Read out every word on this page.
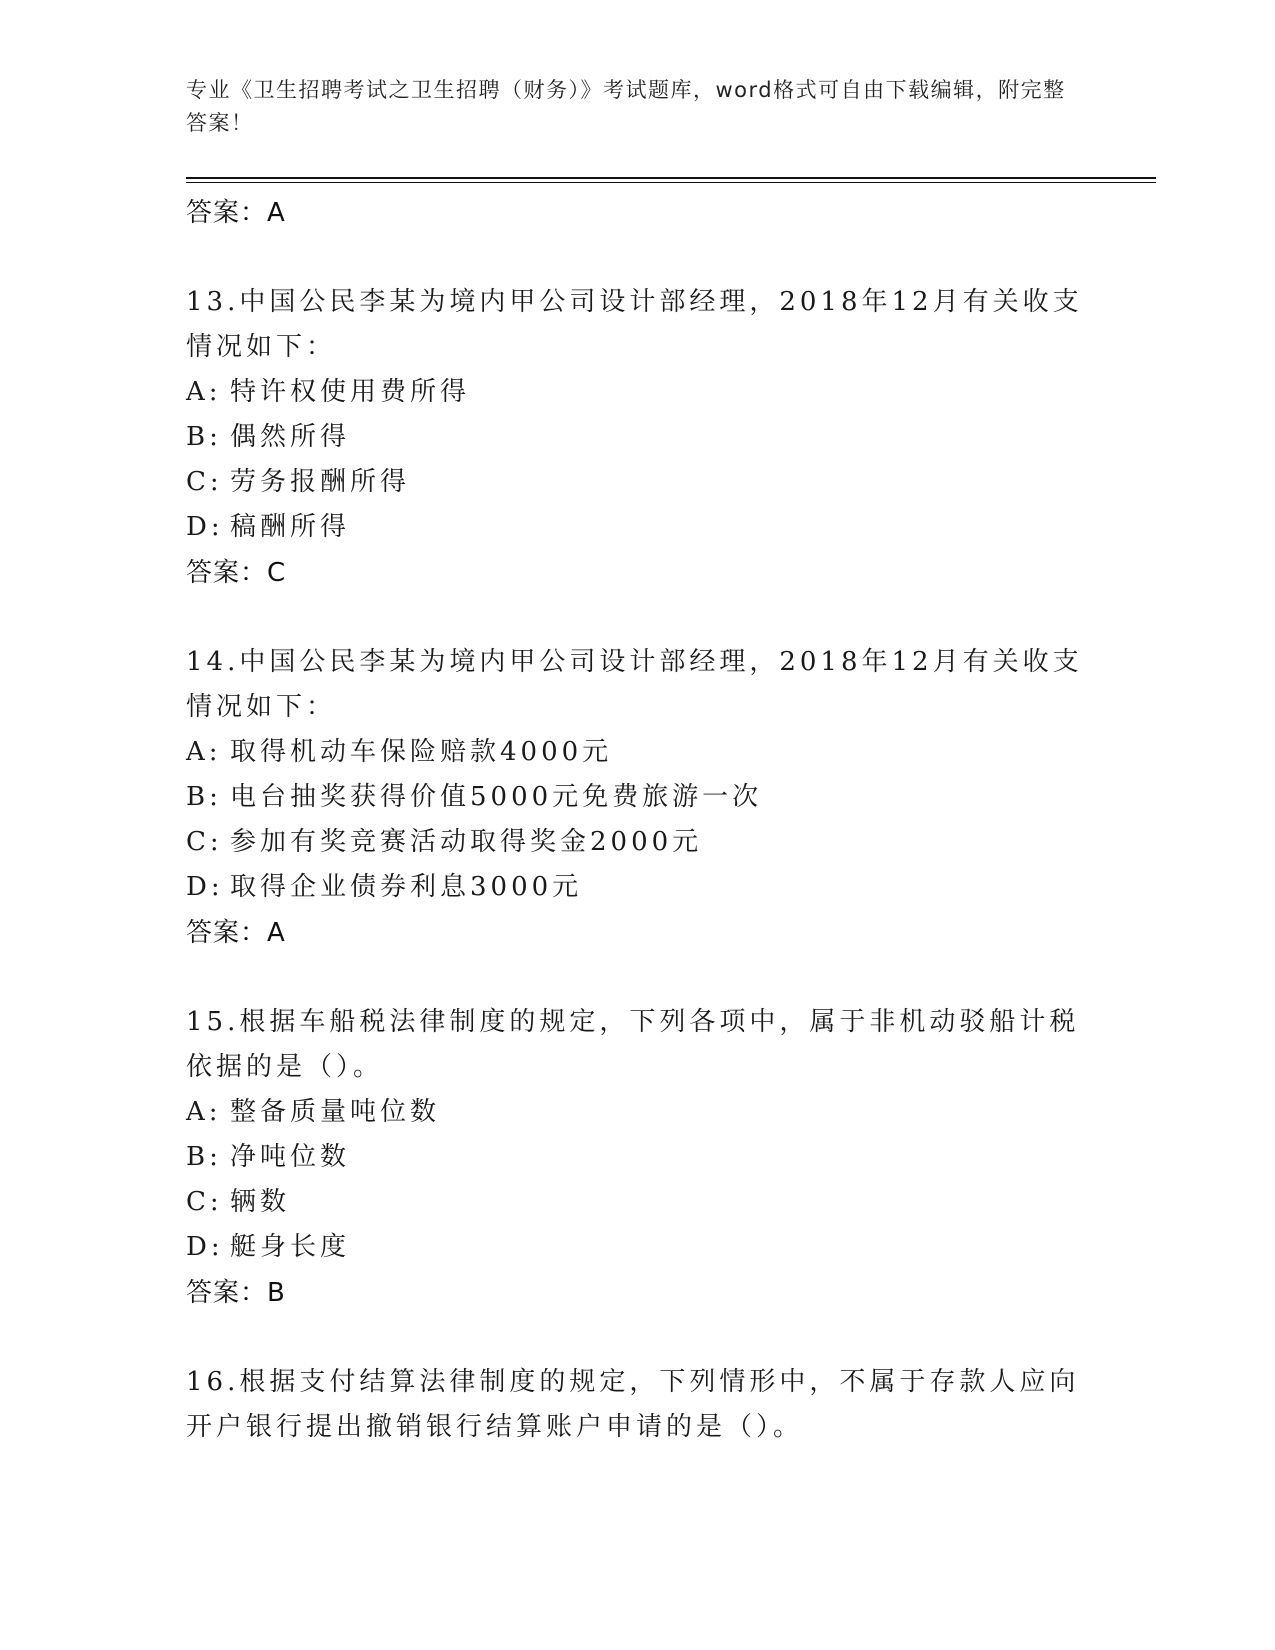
专业《卫生招聘考试之卫生招聘（财务）》考试题库，word格式可自由下载编辑，附完整答案！
答案：A
13.中国公民李某为境内甲公司设计部经理，2018年12月有关收支情况如下：
A: 特许权使用费所得
B: 偶然所得
C: 劳务报酬所得
D: 稿酬所得
答案：C
14.中国公民李某为境内甲公司设计部经理，2018年12月有关收支情况如下：
A: 取得机动车保险赔款4000元
B: 电台抽奖获得价值5000元免费旅游一次
C: 参加有奖竞赛活动取得奖金2000元
D: 取得企业债券利息3000元
答案：A
15.根据车船税法律制度的规定，下列各项中，属于非机动驳船计税依据的是（）。
A: 整备质量吨位数
B: 净吨位数
C: 辆数
D: 艇身长度
答案：B
16.根据支付结算法律制度的规定，下列情形中，不属于存款人应向开户银行提出撤销银行结算账户申请的是（）。
